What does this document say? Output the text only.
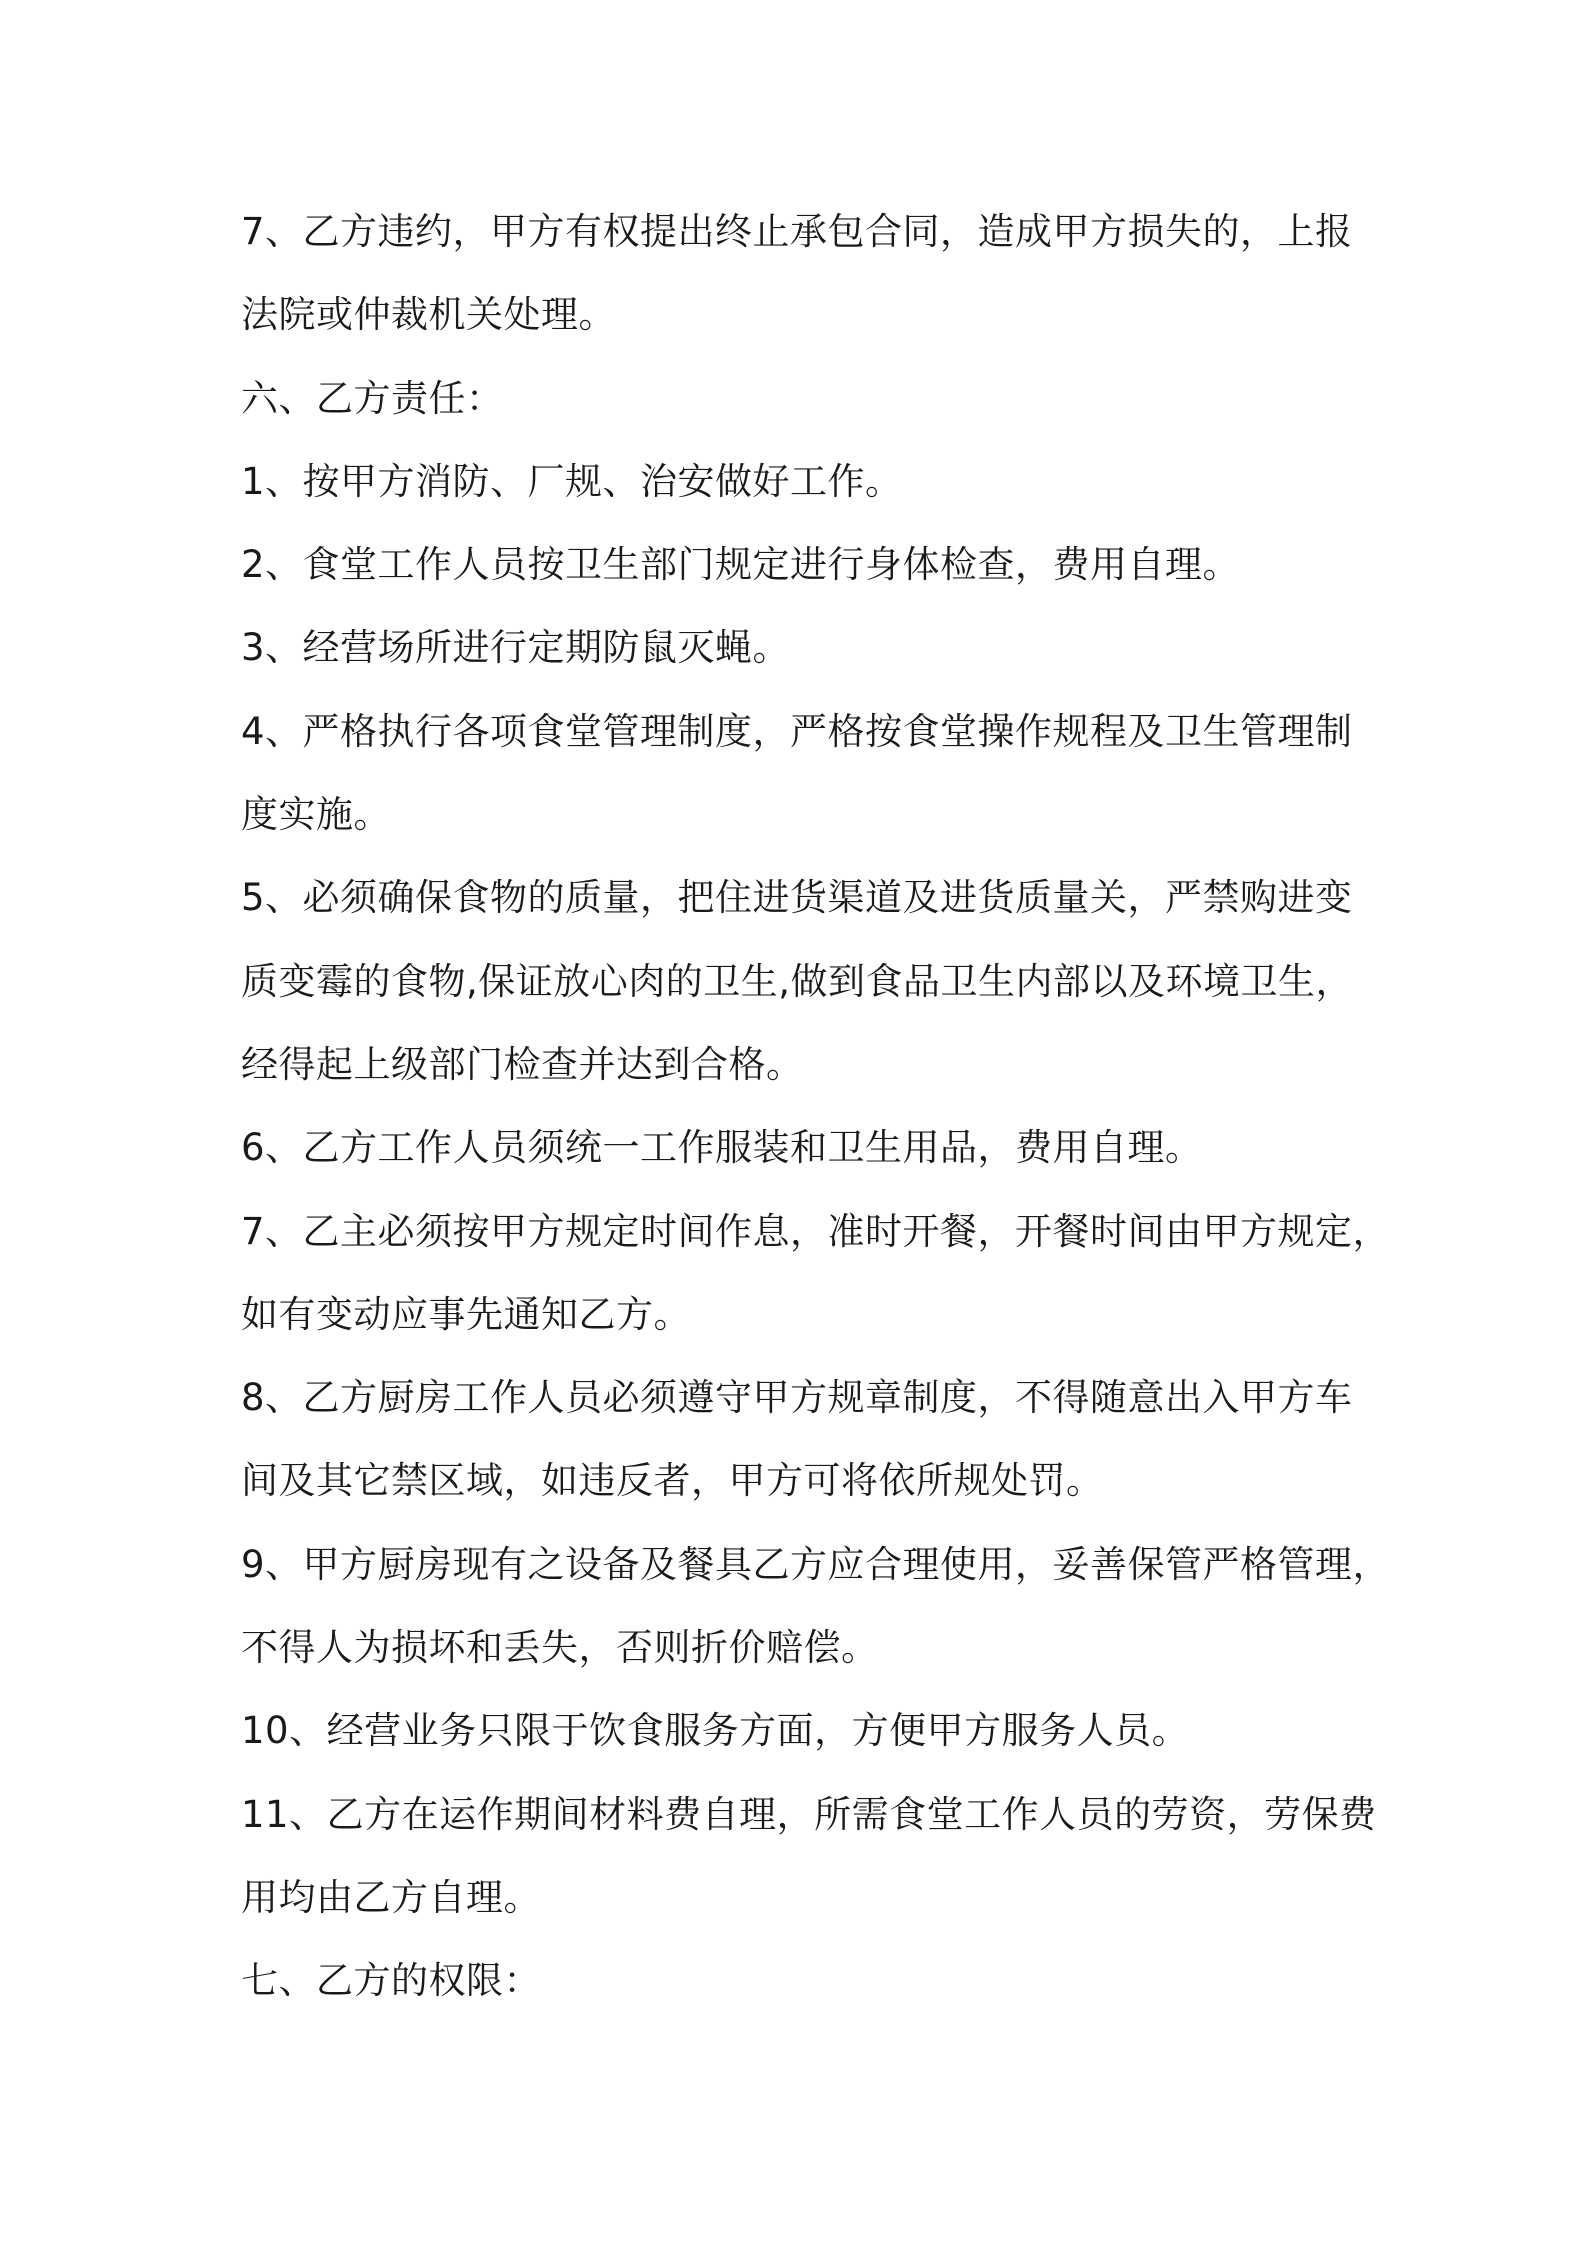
7、乙方违约，甲方有权提出终止承包合同，造成甲方损失的，上报
法院或仲裁机关处理。
六、乙方责任：
1、按甲方消防、厂规、治安做好工作。
2、食堂工作人员按卫生部门规定进行身体检查，费用自理。
3、经营场所进行定期防鼠灭蝇。
4、严格执行各项食堂管理制度，严格按食堂操作规程及卫生管理制
度实施。
5、必须确保食物的质量，把住进货渠道及进货质量关，严禁购进变
质变霉的食物,保证放心肉的卫生,做到食品卫生内部以及环境卫生，
经得起上级部门检查并达到合格。
6、乙方工作人员须统一工作服装和卫生用品，费用自理。
7、乙主必须按甲方规定时间作息，准时开餐，开餐时间由甲方规定，
如有变动应事先通知乙方。
8、乙方厨房工作人员必须遵守甲方规章制度，不得随意出入甲方车
间及其它禁区域，如违反者，甲方可将依所规处罚。
9、甲方厨房现有之设备及餐具乙方应合理使用，妥善保管严格管理，
不得人为损坏和丢失，否则折价赔偿。
10、经营业务只限于饮食服务方面，方便甲方服务人员。
11、乙方在运作期间材料费自理，所需食堂工作人员的劳资，劳保费
用均由乙方自理。
七、乙方的权限：
